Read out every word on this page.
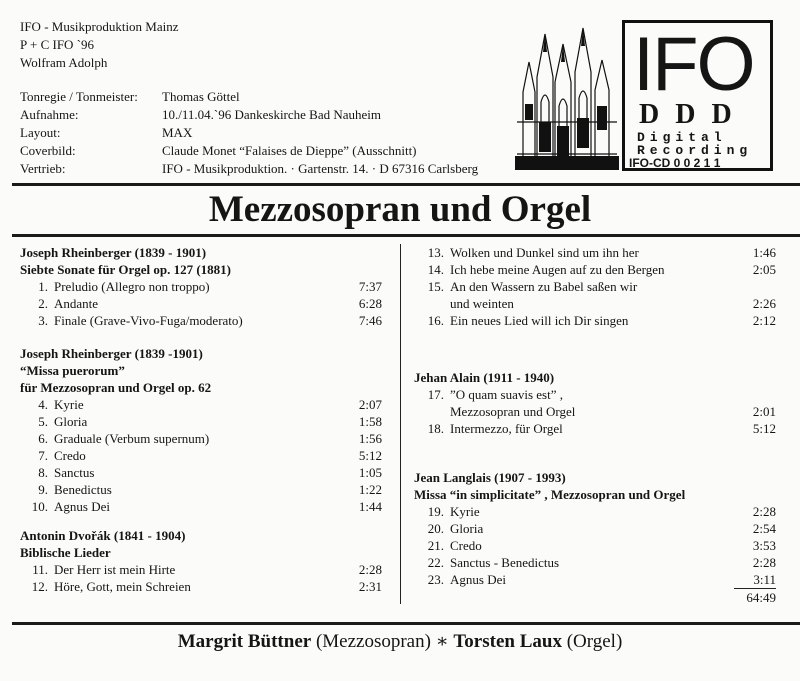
IFO - Musikproduktion Mainz
P + C IFO `96
Wolfram Adolph
Tonregie / Tonmeister:	Thomas Göttel
Aufnahme:	10./11.04.`96 Dankeskirche Bad Nauheim
Layout:	MAX
Coverbild:	Claude Monet “Falaises de Dieppe” (Ausschnitt)
Vertrieb:	IFO - Musikproduktion. · Gartenstr. 14. · D 67316 Carlsberg
IFO
DDD
Digital
Recording
IFO-CD 0 0 2 1 1
Mezzosopran und Orgel
Joseph Rheinberger (1839 - 1901)
Siebte Sonate für Orgel op. 127 (1881)
1. Preludio (Allegro non troppo)	7:37
2. Andante	6:28
3. Finale (Grave-Vivo-Fuga/moderato)	7:46
Joseph Rheinberger (1839 -1901)
“Missa puerorum”
für Mezzosopran und Orgel op. 62
4. Kyrie	2:07
5. Gloria	1:58
6. Graduale (Verbum supernum)	1:56
7. Credo	5:12
8. Sanctus	1:05
9. Benedictus	1:22
10. Agnus Dei	1:44
Antonin Dvořák (1841 - 1904)
Biblische Lieder
11. Der Herr ist mein Hirte	2:28
12. Höre, Gott, mein Schreien	2:31
13. Wolken und Dunkel sind um ihn her	1:46
14. Ich hebe meine Augen auf zu den Bergen	2:05
15. An den Wassern zu Babel saßen wir
und weinten	2:26
16. Ein neues Lied will ich Dir singen	2:12
Jehan Alain (1911 - 1940)
17. ”O quam suavis est” ,
Mezzosopran und Orgel	2:01
18. Intermezzo, für Orgel	5:12
Jean Langlais (1907 - 1993)
Missa “in simplicitate” , Mezzosopran und Orgel
19. Kyrie	2:28
20. Gloria	2:54
21. Credo	3:53
22. Sanctus - Benedictus	2:28
23. Agnus Dei	3:11
64:49
Margrit Büttner (Mezzosopran) ∗ Torsten Laux (Orgel)
